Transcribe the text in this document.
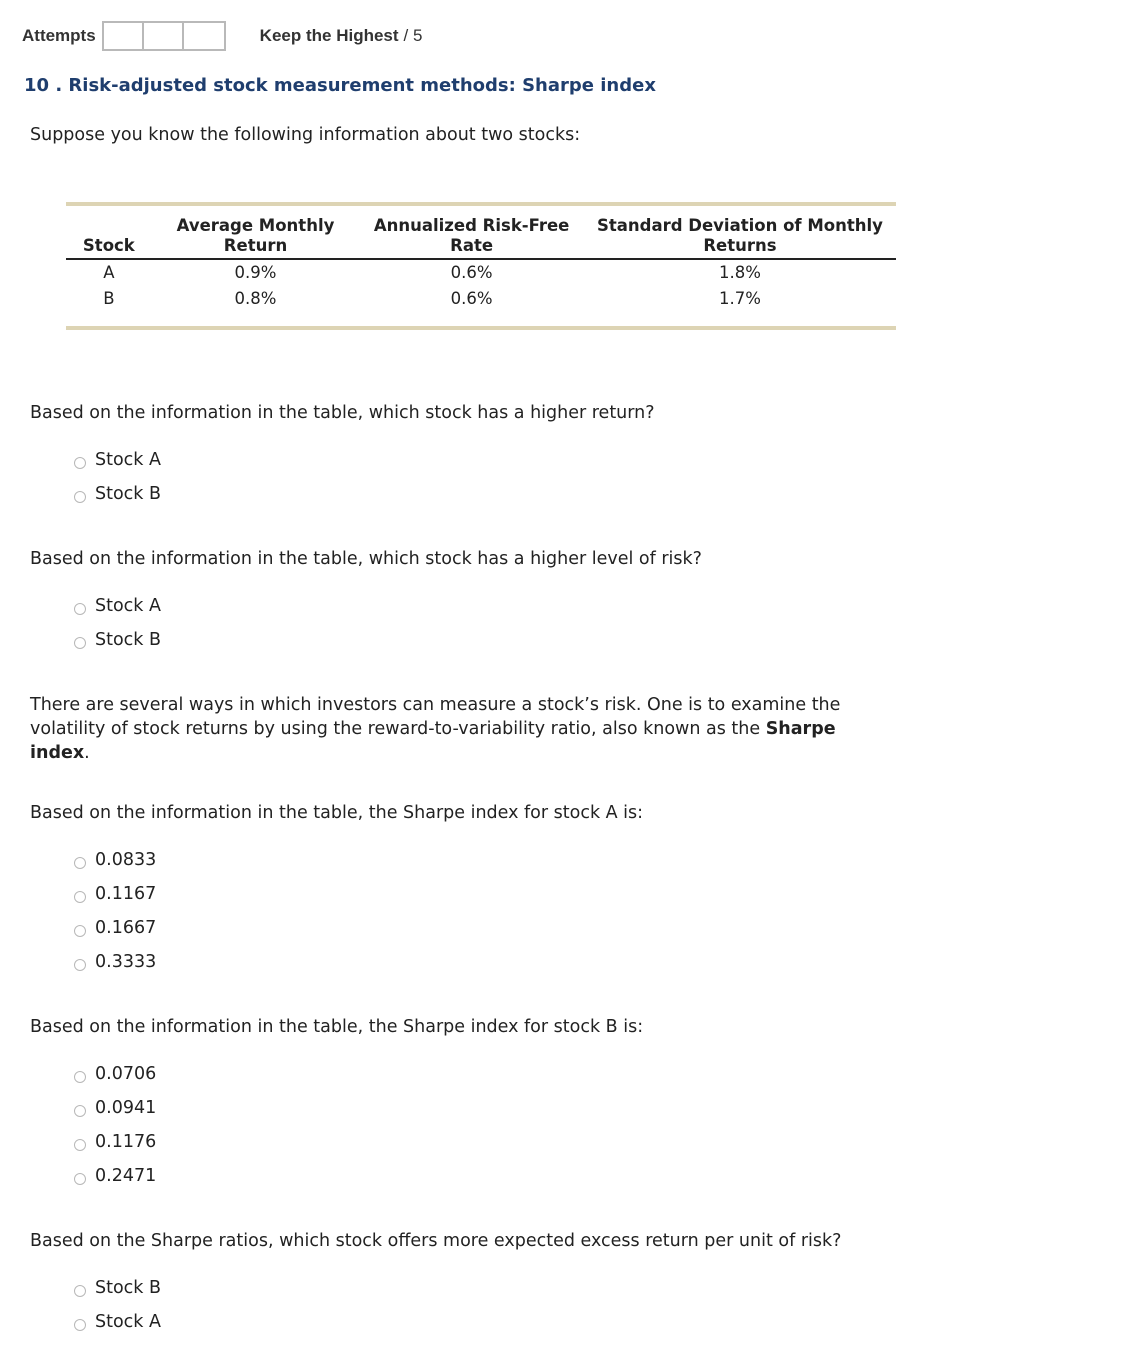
Attempts	Keep the Highest / 5
10 . Risk-adjusted stock measurement methods: Sharpe index

Suppose you know the following information about two stocks:

Stock	Average Monthly Return	Annualized Risk-Free Rate	Standard Deviation of Monthly Returns
A	0.9%	0.6%	1.8%
B	0.8%	0.6%	1.7%

Based on the information in the table, which stock has a higher return?

Stock A
Stock B

Based on the information in the table, which stock has a higher level of risk?

Stock A
Stock B

There are several ways in which investors can measure a stock’s risk. One is to examine the volatility of stock returns by using the reward-to-variability ratio, also known as the Sharpe index.

Based on the information in the table, the Sharpe index for stock A is:

0.0833
0.1167
0.1667
0.3333

Based on the information in the table, the Sharpe index for stock B is:

0.0706
0.0941
0.1176
0.2471

Based on the Sharpe ratios, which stock offers more expected excess return per unit of risk?

Stock B
Stock A
